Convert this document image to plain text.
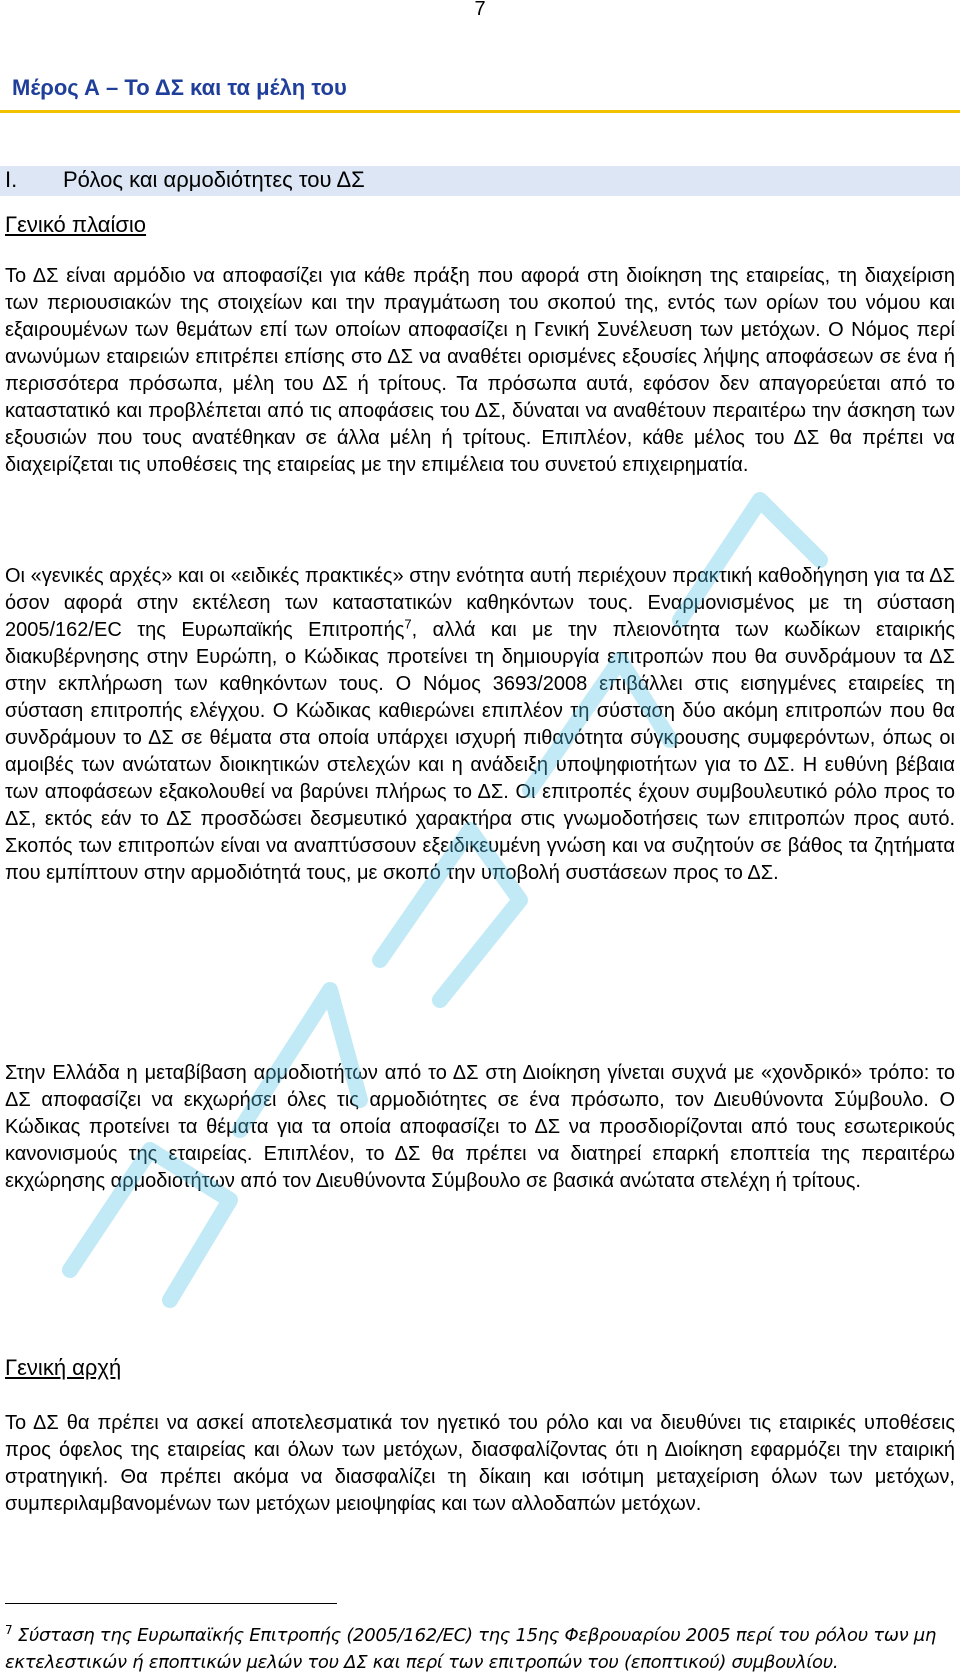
7
Μέρος Α – Το ΔΣ και τα μέλη του
I. Ρόλος και αρμοδιότητες του ΔΣ
Γενικό πλαίσιο
Το ΔΣ είναι αρμόδιο να αποφασίζει για κάθε πράξη που αφορά στη διοίκηση της εταιρείας, τη διαχείριση των περιουσιακών της στοιχείων και την πραγμάτωση του σκοπού της, εντός των ορίων του νόμου και εξαιρουμένων των θεμάτων επί των οποίων αποφασίζει η Γενική Συνέλευση των μετόχων. Ο Νόμος περί ανωνύμων εταιρειών επιτρέπει επίσης στο ΔΣ να αναθέτει ορισμένες εξουσίες λήψης αποφάσεων σε ένα ή περισσότερα πρόσωπα, μέλη του ΔΣ ή τρίτους. Τα πρόσωπα αυτά, εφόσον δεν απαγορεύεται από το καταστατικό και προβλέπεται από τις αποφάσεις του ΔΣ, δύναται να αναθέτουν περαιτέρω την άσκηση των εξουσιών που τους ανατέθηκαν σε άλλα μέλη ή τρίτους. Επιπλέον, κάθε μέλος του ΔΣ θα πρέπει να διαχειρίζεται τις υποθέσεις της εταιρείας με την επιμέλεια του συνετού επιχειρηματία.
Οι «γενικές αρχές» και οι «ειδικές πρακτικές» στην ενότητα αυτή περιέχουν πρακτική καθοδήγηση για τα ΔΣ όσον αφορά στην εκτέλεση των καταστατικών καθηκόντων τους. Εναρμονισμένος με τη σύσταση 2005/162/EC της Ευρωπαϊκής Επιτροπής$^7$, αλλά και με την πλειονότητα των κωδίκων εταιρικής διακυβέρνησης στην Ευρώπη, ο Κώδικας προτείνει τη δημιουργία επιτροπών που θα συνδράμουν τα ΔΣ στην εκπλήρωση των καθηκόντων τους. Ο Νόμος 3693/2008 επιβάλλει στις εισηγμένες εταιρείες τη σύσταση επιτροπής ελέγχου. Ο Κώδικας καθιερώνει επιπλέον τη σύσταση δύο ακόμη επιτροπών που θα συνδράμουν το ΔΣ σε θέματα στα οποία υπάρχει ισχυρή πιθανότητα σύγκρουσης συμφερόντων, όπως οι αμοιβές των ανώτατων διοικητικών στελεχών και η ανάδειξη υποψηφιοτήτων για το ΔΣ. Η ευθύνη βέβαια των αποφάσεων εξακολουθεί να βαρύνει πλήρως το ΔΣ. Οι επιτροπές έχουν συμβουλευτικό ρόλο προς το ΔΣ, εκτός εάν το ΔΣ προσδώσει δεσμευτικό χαρακτήρα στις γνωμοδοτήσεις των επιτροπών προς αυτό. Σκοπός των επιτροπών είναι να αναπτύσσουν εξειδικευμένη γνώση και να συζητούν σε βάθος τα ζητήματα που εμπίπτουν στην αρμοδιότητά τους, με σκοπό την υποβολή συστάσεων προς το ΔΣ.
Στην Ελλάδα η μεταβίβαση αρμοδιοτήτων από το ΔΣ στη Διοίκηση γίνεται συχνά με «χονδρικό» τρόπο: το ΔΣ αποφασίζει να εκχωρήσει όλες τις αρμοδιότητες σε ένα πρόσωπο, τον Διευθύνοντα Σύμβουλο. Ο Κώδικας προτείνει τα θέματα για τα οποία αποφασίζει το ΔΣ να προσδιορίζονται από τους εσωτερικούς κανονισμούς της εταιρείας. Επιπλέον, το ΔΣ θα πρέπει να διατηρεί επαρκή εποπτεία της περαιτέρω εκχώρησης αρμοδιοτήτων από τον Διευθύνοντα Σύμβουλο σε βασικά ανώτατα στελέχη ή τρίτους.
Γενική αρχή
Το ΔΣ θα πρέπει να ασκεί αποτελεσματικά τον ηγετικό του ρόλο και να διευθύνει τις εταιρικές υποθέσεις προς όφελος της εταιρείας και όλων των μετόχων, διασφαλίζοντας ότι η Διοίκηση εφαρμόζει την εταιρική στρατηγική. Θα πρέπει ακόμα να διασφαλίζει τη δίκαιη και ισότιμη μεταχείριση όλων των μετόχων, συμπεριλαμβανομένων των μετόχων μειοψηφίας και των αλλοδαπών μετόχων.
$^7$ Σύσταση της Ευρωπαϊκής Επιτροπής (2005/162/EC) της 15ης Φεβρουαρίου 2005 περί του ρόλου των μη εκτελεστικών ή εποπτικών μελών του ΔΣ και περί των επιτροπών του (εποπτικού) συμβουλίου.
